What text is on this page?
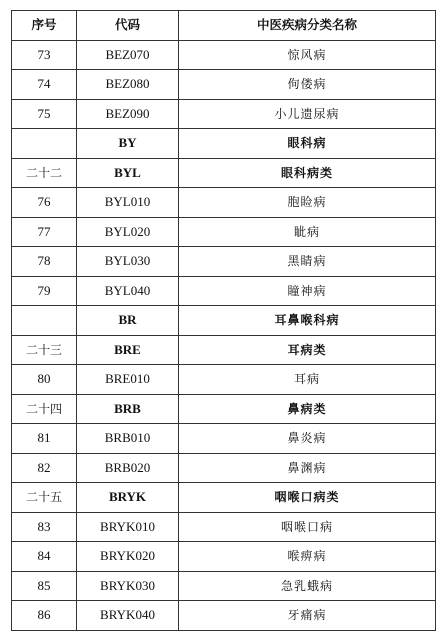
序号	代码	中医疾病分类名称
73	BEZ070	惊风病
74	BEZ080	佝偻病
75	BEZ090	小儿遗尿病
	BY	眼科病
二十二	BYL	眼科病类
76	BYL010	胞睑病
77	BYL020	眦病
78	BYL030	黑睛病
79	BYL040	瞳神病
	BR	耳鼻喉科病
二十三	BRE	耳病类
80	BRE010	耳病
二十四	BRB	鼻病类
81	BRB010	鼻炎病
82	BRB020	鼻渊病
二十五	BRYK	咽喉口病类
83	BRYK010	咽喉口病
84	BRYK020	喉痹病
85	BRYK030	急乳蛾病
86	BRYK040	牙痛病
